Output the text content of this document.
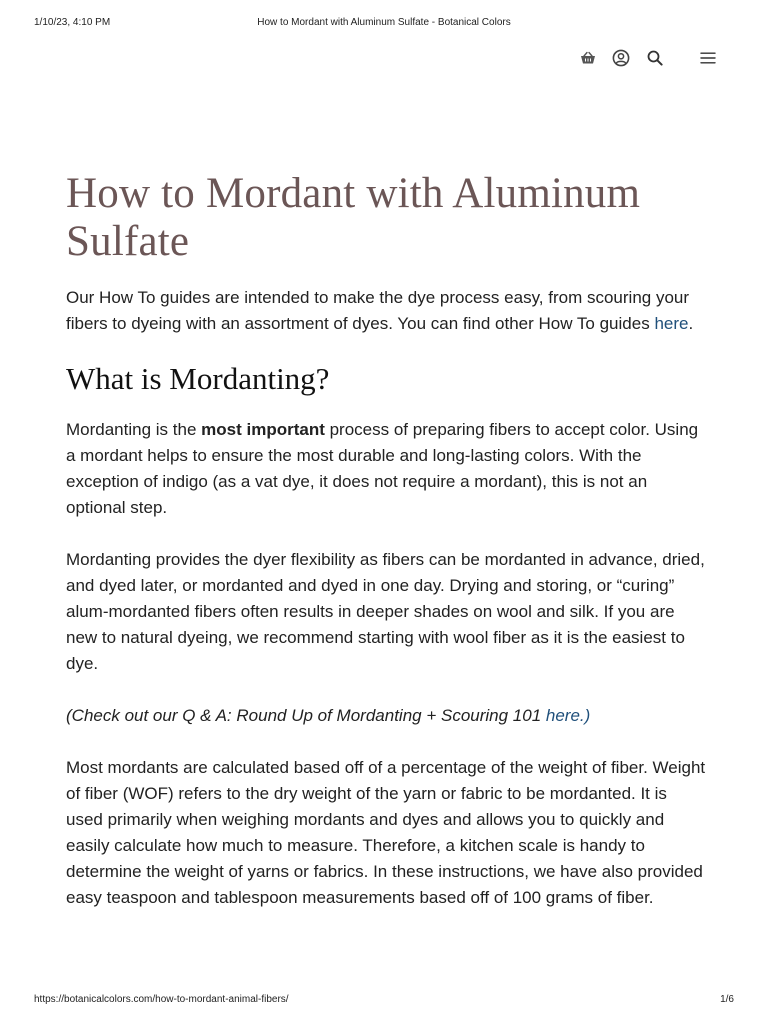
1/10/23, 4:10 PM	How to Mordant with Aluminum Sulfate - Botanical Colors
How to Mordant with Aluminum Sulfate

Our How To guides are intended to make the dye process easy, from scouring your fibers to dyeing with an assortment of dyes. You can find other How To guides here.

What is Mordanting?

Mordanting is the most important process of preparing fibers to accept color. Using a mordant helps to ensure the most durable and long-lasting colors. With the exception of indigo (as a vat dye, it does not require a mordant), this is not an optional step.

Mordanting provides the dyer flexibility as fibers can be mordanted in advance, dried, and dyed later, or mordanted and dyed in one day. Drying and storing, or “curing” alum-mordanted fibers often results in deeper shades on wool and silk. If you are new to natural dyeing, we recommend starting with wool fiber as it is the easiest to dye.

(Check out our Q & A: Round Up of Mordanting + Scouring 101 here.)

Most mordants are calculated based off of a percentage of the weight of fiber. Weight of fiber (WOF) refers to the dry weight of the yarn or fabric to be mordanted. It is used primarily when weighing mordants and dyes and allows you to quickly and easily calculate how much to measure. Therefore, a kitchen scale is handy to determine the weight of yarns or fabrics. In these instructions, we have also provided easy teaspoon and tablespoon measurements based off of 100 grams of fiber.

https://botanicalcolors.com/how-to-mordant-animal-fibers/	1/6
